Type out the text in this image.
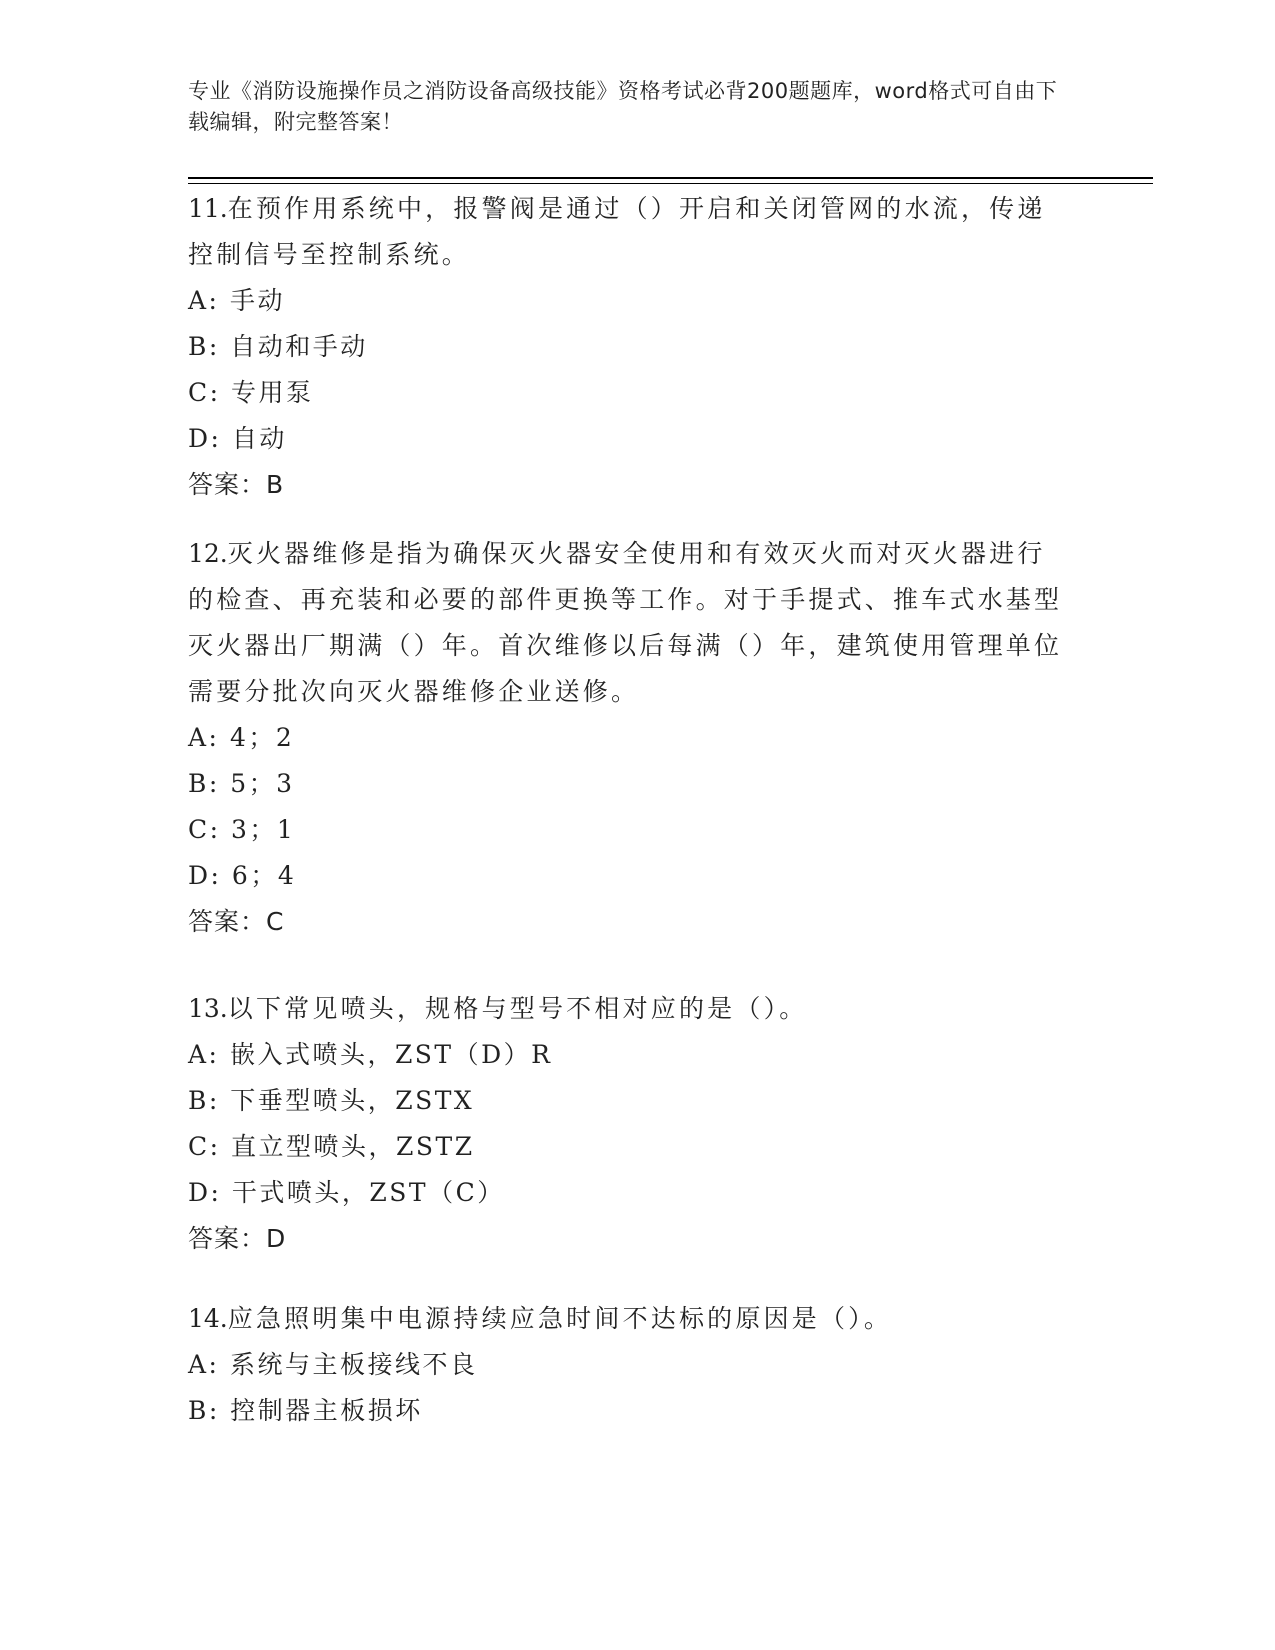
专业《消防设施操作员之消防设备高级技能》资格考试必背200题题库，word格式可自由下载编辑，附完整答案！
11.在预作用系统中，报警阀是通过（）开启和关闭管网的水流，传递控制信号至控制系统。
A: 手动
B: 自动和手动
C: 专用泵
D: 自动
答案：B
12.灭火器维修是指为确保灭火器安全使用和有效灭火而对灭火器进行的检查、再充装和必要的部件更换等工作。对于手提式、推车式水基型灭火器出厂期满（）年。首次维修以后每满（）年，建筑使用管理单位需要分批次向灭火器维修企业送修。
A: 4；2
B: 5；3
C: 3；1
D: 6；4
答案：C
13.以下常见喷头，规格与型号不相对应的是（）。
A: 嵌入式喷头，ZST（D）R
B: 下垂型喷头，ZSTX
C: 直立型喷头，ZSTZ
D: 干式喷头，ZST（C）
答案：D
14.应急照明集中电源持续应急时间不达标的原因是（）。
A: 系统与主板接线不良
B: 控制器主板损坏
